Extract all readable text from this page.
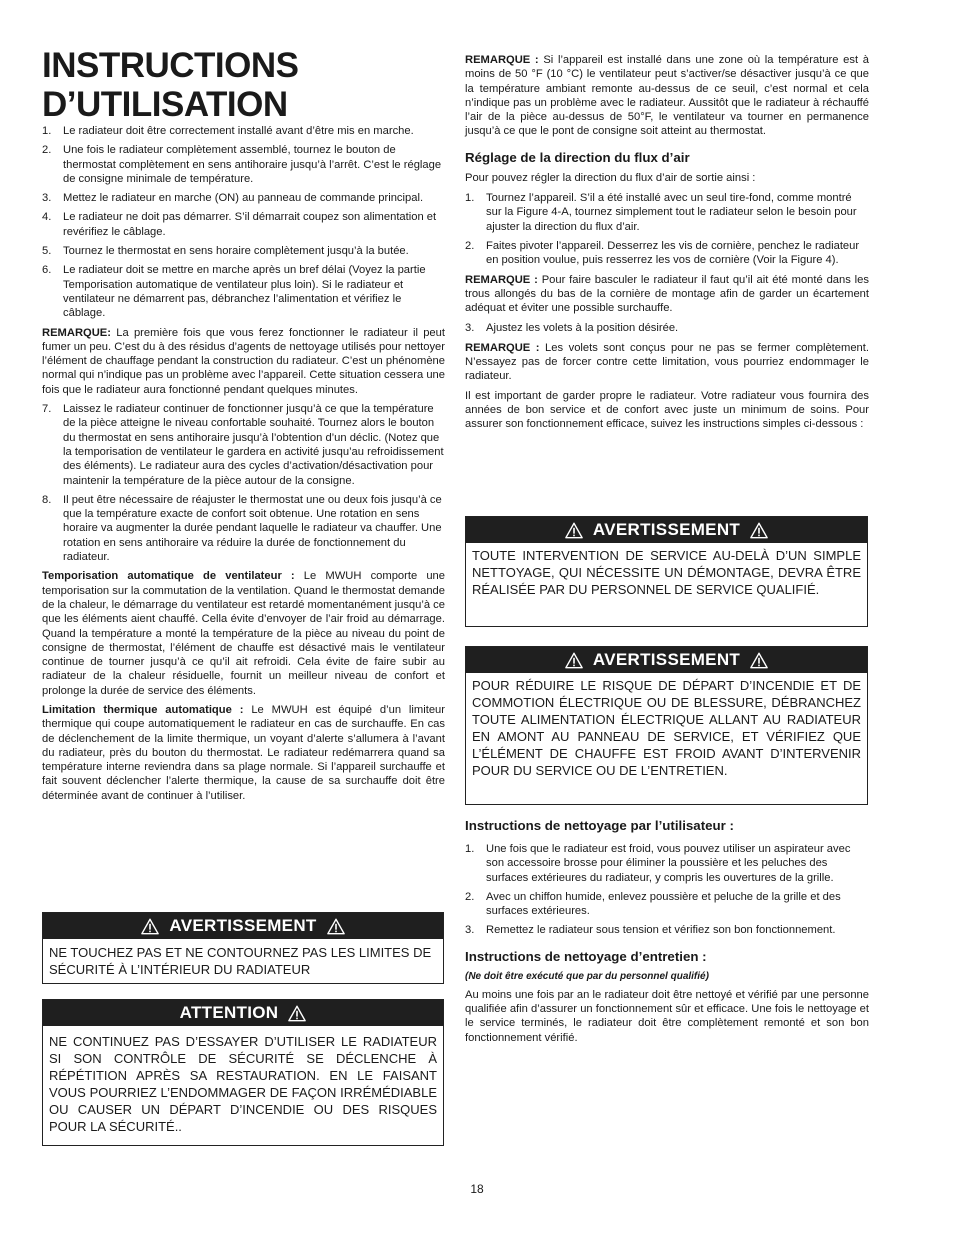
INSTRUCTIONS
D’UTILISATION
1. Le radiateur doit être correctement installé avant d’être mis en marche.
2. Une fois le radiateur complètement assemblé, tournez le bouton de thermostat complètement en sens antihoraire jusqu’à l’arrêt. C’est le réglage de consigne minimale de température.
3. Mettez le radiateur en marche (ON) au panneau de commande principal.
4. Le radiateur ne doit pas démarrer. S’il démarrait coupez son alimentation et revérifiez le câblage.
5. Tournez le thermostat en sens horaire complètement jusqu’à la butée.
6. Le radiateur doit se mettre en marche après un bref délai (Voyez la partie Temporisation automatique de ventilateur plus loin). Si le radiateur et ventilateur ne démarrent pas, débranchez l’alimentation et vérifiez le câblage.

REMARQUE: La première fois que vous ferez fonctionner le radiateur il peut fumer un peu. C’est du à des résidus d’agents de nettoyage utilisés pour nettoyer l’élément de chauffage pendant la construction du radiateur. C’est un phénomène normal qui n’indique pas un problème avec l’appareil. Cette situation cessera une fois que le radiateur aura fonctionné pendant quelques minutes.

7. Laissez le radiateur continuer de fonctionner jusqu’à ce que la température de la pièce atteigne le niveau confortable souhaité. Tournez alors le bouton du thermostat en sens antihoraire jusqu’à l’obtention d’un déclic. (Notez que la temporisation de ventilateur le gardera en activité jusqu’au refroidissement des éléments). Le radiateur aura des cycles d’activation/désactivation pour maintenir la température de la pièce autour de la consigne.
8. Il peut être nécessaire de réajuster le thermostat une ou deux fois jusqu’à ce que la température exacte de confort soit obtenue. Une rotation en sens horaire va augmenter la durée pendant laquelle le radiateur va chauffer. Une rotation en sens antihoraire va réduire la durée de fonctionnement du radiateur.

Temporisation automatique de ventilateur : Le MWUH comporte une temporisation sur la commutation de la ventilation. Quand le thermostat demande de la chaleur, le démarrage du ventilateur est retardé momentanément jusqu’à ce que les éléments aient chauffé. Cella évite d’envoyer de l’air froid au démarrage. Quand la température a monté la température de la pièce au niveau du point de consigne de thermostat, l’élément de chauffe est désactivé mais le ventilateur continue de tourner jusqu’à ce qu’il ait refroidi. Cela évite de faire subir au radiateur de la chaleur résiduelle, fournit un meilleur niveau de confort et prolonge la durée de service des éléments.

Limitation thermique automatique : Le MWUH est équipé d’un limiteur thermique qui coupe automatiquement le radiateur en cas de surchauffe. En cas de déclenchement de la limite thermique, un voyant d’alerte s’allumera à l’avant du radiateur, près du bouton du thermostat. Le radiateur redémarrera quand sa température interne reviendra dans sa plage normale. Si l’appareil surchauffe et fait souvent déclencher l’alerte thermique, la cause de sa surchauffe doit être déterminée avant de continuer à l’utiliser.

AVERTISSEMENT
NE TOUCHEZ PAS ET NE CONTOURNEZ PAS LES LIMITES DE SÉCURITÉ À L’INTÉRIEUR DU RADIATEUR
ATTENTION
NE CONTINUEZ PAS D’ESSAYER D’UTILISER LE RADIATEUR SI SON CONTRÔLE DE SÉCURITÉ SE DÉCLENCHE À RÉPÉTITION APRÈS SA RESTAURATION. EN LE FAISANT VOUS POURRIEZ L’ENDOMMAGER DE FAÇON IRRÉMÉDIABLE OU CAUSER UN DÉPART D’INCENDIE OU DES RISQUES POUR LA SÉCURITÉ..

REMARQUE : Si l’appareil est installé dans une zone où la température est à moins de 50 °F (10 °C) le ventilateur peut s’activer/se désactiver jusqu’à ce que la température ambiant remonte au-dessus de ce seuil, c’est normal et cela n’indique pas un problème avec le radiateur. Aussitôt que le radiateur à réchauffé l’air de la pièce au-dessus de 50°F, le ventilateur va tourner en permanence jusqu’à ce que le pont de consigne soit atteint au thermostat.

Réglage de la direction du flux d’air

Pour pouvez régler la direction du flux d’air de sortie ainsi :

1. Tournez l’appareil. S’il a été installé avec un seul tire-fond, comme montré sur la Figure 4-A, tournez simplement tout le radiateur selon le besoin pour ajuster la direction du flux d’air.
2. Faites pivoter l’appareil. Desserrez les vis de cornière, penchez le radiateur en position voulue, puis resserrez les vos de cornière (Voir la Figure 4).

REMARQUE : Pour faire basculer le radiateur il faut qu’il ait été monté dans les trous allongés du bas de la cornière de montage afin de garder un écartement adéquat et éviter une possible surchauffe.

3. Ajustez les volets à la position désirée.

REMARQUE : Les volets sont conçus pour ne pas se fermer complètement. N’essayez pas de forcer contre cette limitation, vous pourriez endommager le radiateur.

Il est important de garder propre le radiateur. Votre radiateur vous fournira des années de bon service et de confort avec juste un minimum de soins. Pour assurer son fonctionnement efficace, suivez les instructions simples ci-dessous :

AVERTISSEMENT
TOUTE INTERVENTION DE SERVICE AU-DELÀ D’UN SIMPLE NETTOYAGE, QUI NÉCESSITE UN DÉMONTAGE, DEVRA ÊTRE RÉALISÉE PAR DU PERSONNEL DE SERVICE QUALIFIÉ.
AVERTISSEMENT
POUR RÉDUIRE LE RISQUE DE DÉPART D’INCENDIE ET DE COMMOTION ÉLECTRIQUE OU DE BLESSURE, DÉBRANCHEZ TOUTE ALIMENTATION ÉLECTRIQUE ALLANT AU RADIATEUR EN AMONT AU PANNEAU DE SERVICE, ET VÉRIFIEZ QUE L’ÉLÉMENT DE CHAUFFE EST FROID AVANT D’INTERVENIR POUR DU SERVICE OU DE L’ENTRETIEN.

Instructions de nettoyage par l’utilisateur :

1. Une fois que le radiateur est froid, vous pouvez utiliser un aspirateur avec son accessoire brosse pour éliminer la poussière et les peluches des surfaces extérieures du radiateur, y compris les ouvertures de la grille.
2. Avec un chiffon humide, enlevez poussière et peluche de la grille et des surfaces extérieures.
3. Remettez le radiateur sous tension et vérifiez son bon fonctionnement.

Instructions de nettoyage d’entretien :

(Ne doit être exécuté que par du personnel qualifié)

Au moins une fois par an le radiateur doit être nettoyé et vérifié par une personne qualifiée afin d’assurer un fonctionnement sûr et efficace. Une fois le nettoyage et le service terminés, le radiateur doit être complètement remonté et son bon fonctionnement vérifié.

18
